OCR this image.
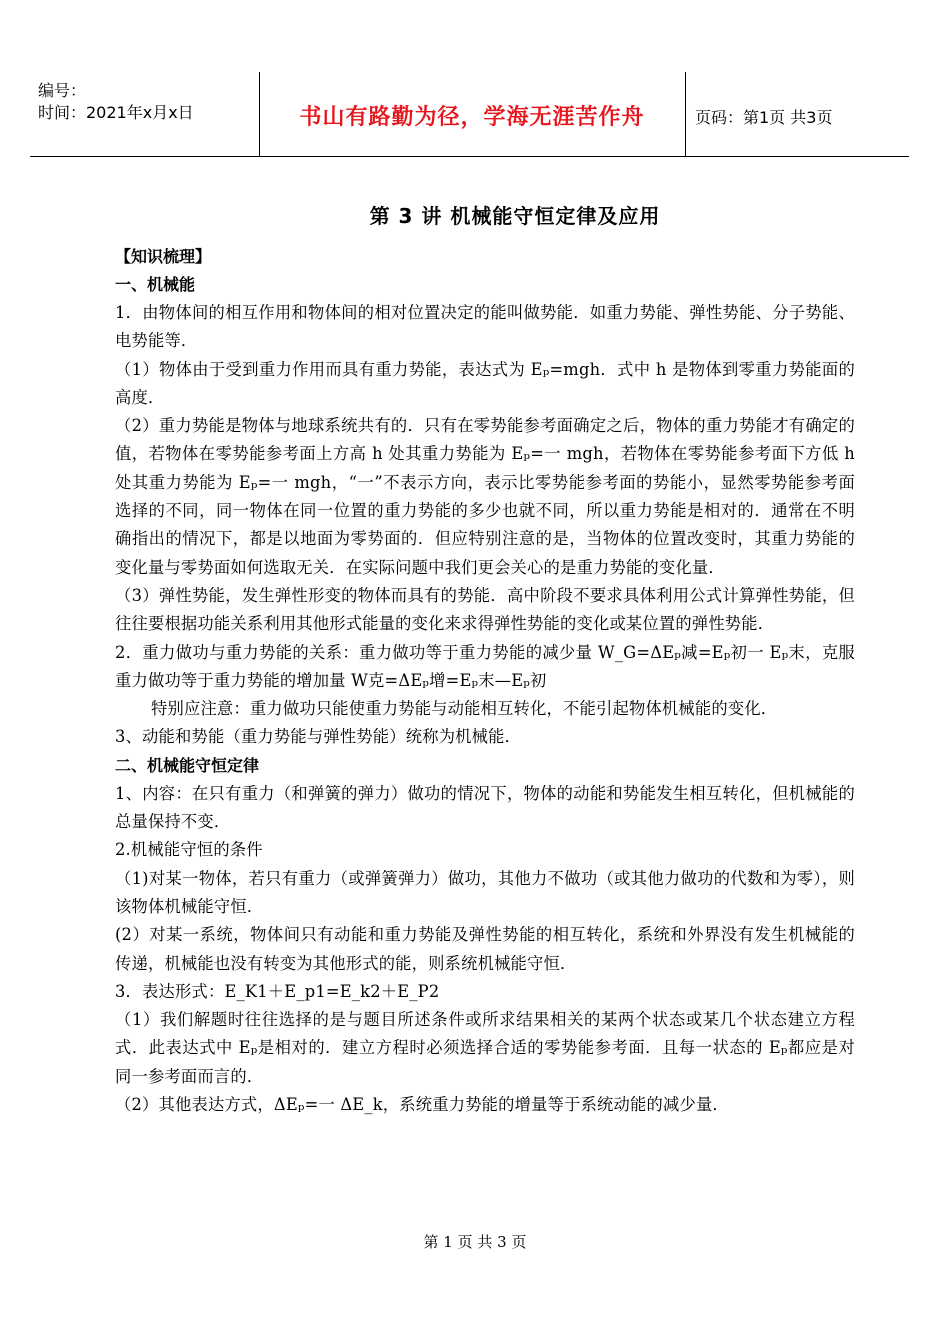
编号：
时间：2021年x月x日	书山有路勤为径，学海无涯苦作舟	页码：第1页 共3页
第 3 讲 机械能守恒定律及应用
【知识梳理】
一、机械能
1．由物体间的相互作用和物体间的相对位置决定的能叫做势能．如重力势能、弹性势能、分子势能、电势能等．
（1）物体由于受到重力作用而具有重力势能，表达式为 Eₚ=mgh．式中 h 是物体到零重力势能面的高度．
（2）重力势能是物体与地球系统共有的．只有在零势能参考面确定之后，物体的重力势能才有确定的值，若物体在零势能参考面上方高 h 处其重力势能为 Eₚ=一 mgh，若物体在零势能参考面下方低 h 处其重力势能为 Eₚ=一 mgh，“一”不表示方向，表示比零势能参考面的势能小，显然零势能参考面选择的不同，同一物体在同一位置的重力势能的多少也就不同，所以重力势能是相对的．通常在不明确指出的情况下，都是以地面为零势面的．但应特别注意的是，当物体的位置改变时，其重力势能的变化量与零势面如何选取无关．在实际问题中我们更会关心的是重力势能的变化量．
（3）弹性势能，发生弹性形变的物体而具有的势能．高中阶段不要求具体利用公式计算弹性势能，但往往要根据功能关系利用其他形式能量的变化来求得弹性势能的变化或某位置的弹性势能．
2．重力做功与重力势能的关系：重力做功等于重力势能的减少量 W_G=ΔEₚ减=Eₚ初一 Eₚ末，克服重力做功等于重力势能的增加量 W克=ΔEₚ增=Eₚ末—Eₚ初
特别应注意：重力做功只能使重力势能与动能相互转化，不能引起物体机械能的变化．
3、动能和势能（重力势能与弹性势能）统称为机械能．
二、机械能守恒定律
1、内容：在只有重力（和弹簧的弹力）做功的情况下，物体的动能和势能发生相互转化，但机械能的总量保持不变．
2.机械能守恒的条件
（1)对某一物体，若只有重力（或弹簧弹力）做功，其他力不做功（或其他力做功的代数和为零），则该物体机械能守恒．
(2）对某一系统，物体间只有动能和重力势能及弹性势能的相互转化，系统和外界没有发生机械能的传递，机械能也没有转变为其他形式的能，则系统机械能守恒．
3．表达形式：E_K1＋E_p1=E_k2＋E_P2
（1）我们解题时往往选择的是与题目所述条件或所求结果相关的某两个状态或某几个状态建立方程式．此表达式中 Eₚ是相对的．建立方程时必须选择合适的零势能参考面．且每一状态的 Eₚ都应是对同一参考面而言的．
（2）其他表达方式，ΔEₚ=一 ΔE_k，系统重力势能的增量等于系统动能的减少量．
第 1 页 共 3 页
